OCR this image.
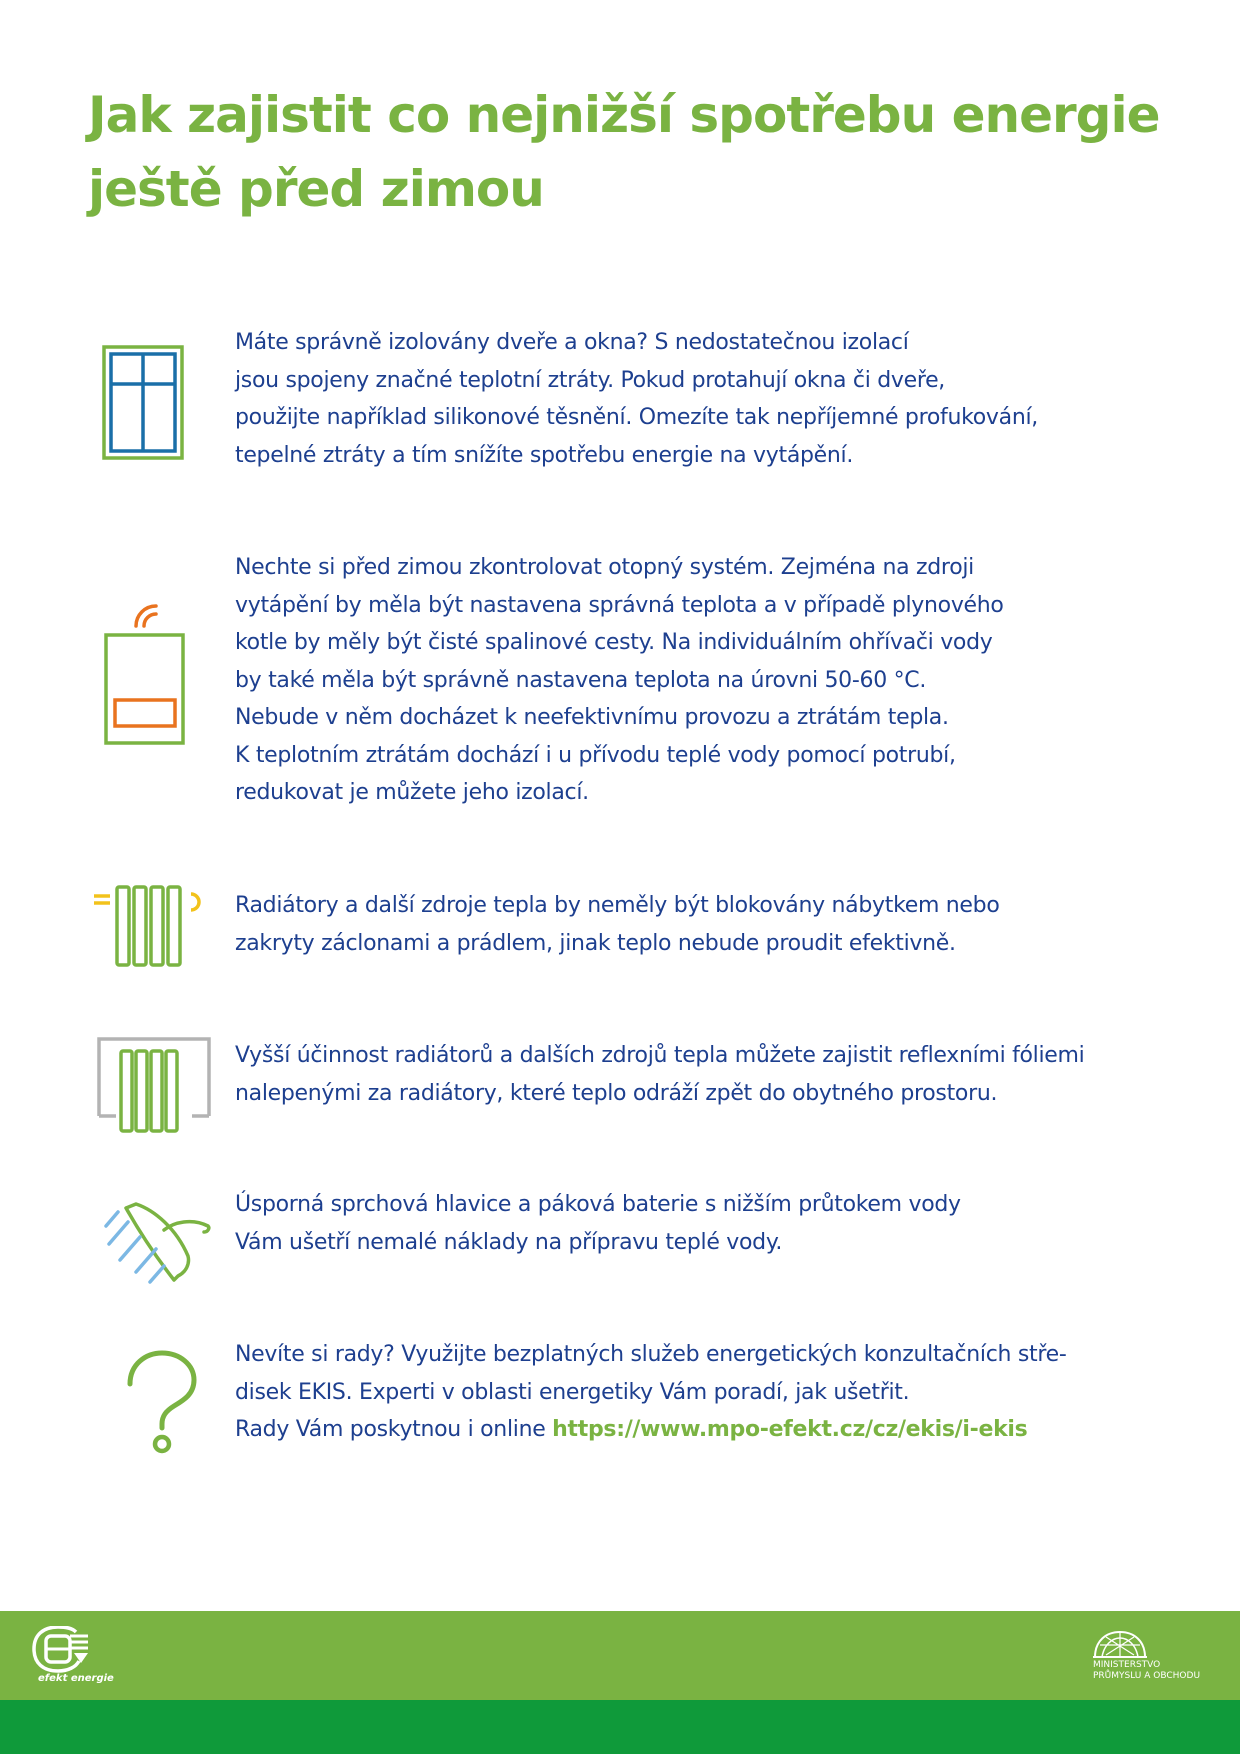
Jak zajistit co nejnižší spotřebu energie
ještě před zimou

Máte správně izolovány dveře a okna? S nedostatečnou izolací
jsou spojeny značné teplotní ztráty. Pokud protahují okna či dveře,
použijte například silikonové těsnění. Omezíte tak nepříjemné profukování,
tepelné ztráty a tím snížíte spotřebu energie na vytápění.

Nechte si před zimou zkontrolovat otopný systém. Zejména na zdroji
vytápění by měla být nastavena správná teplota a v případě plynového
kotle by měly být čisté spalinové cesty. Na individuálním ohřívači vody
by také měla být správně nastavena teplota na úrovni 50-60 °C.
Nebude v něm docházet k neefektivnímu provozu a ztrátám tepla.
K teplotním ztrátám dochází i u přívodu teplé vody pomocí potrubí,
redukovat je můžete jeho izolací.

Radiátory a další zdroje tepla by neměly být blokovány nábytkem nebo
zakryty záclonami a prádlem, jinak teplo nebude proudit efektivně.

Vyšší účinnost radiátorů a dalších zdrojů tepla můžete zajistit reflexními fóliemi
nalepenými za radiátory, které teplo odráží zpět do obytného prostoru.

Úsporná sprchová hlavice a páková baterie s nižším průtokem vody
Vám ušetří nemalé náklady na přípravu teplé vody.

Nevíte si rady? Využijte bezplatných služeb energetických konzultačních stře-
disek EKIS. Experti v oblasti energetiky Vám poradí, jak ušetřit.
Rady Vám poskytnou i online https://www.mpo-efekt.cz/cz/ekis/i-ekis

efekt energie

MINISTERSTVO
PRŮMYSLU A OBCHODU
